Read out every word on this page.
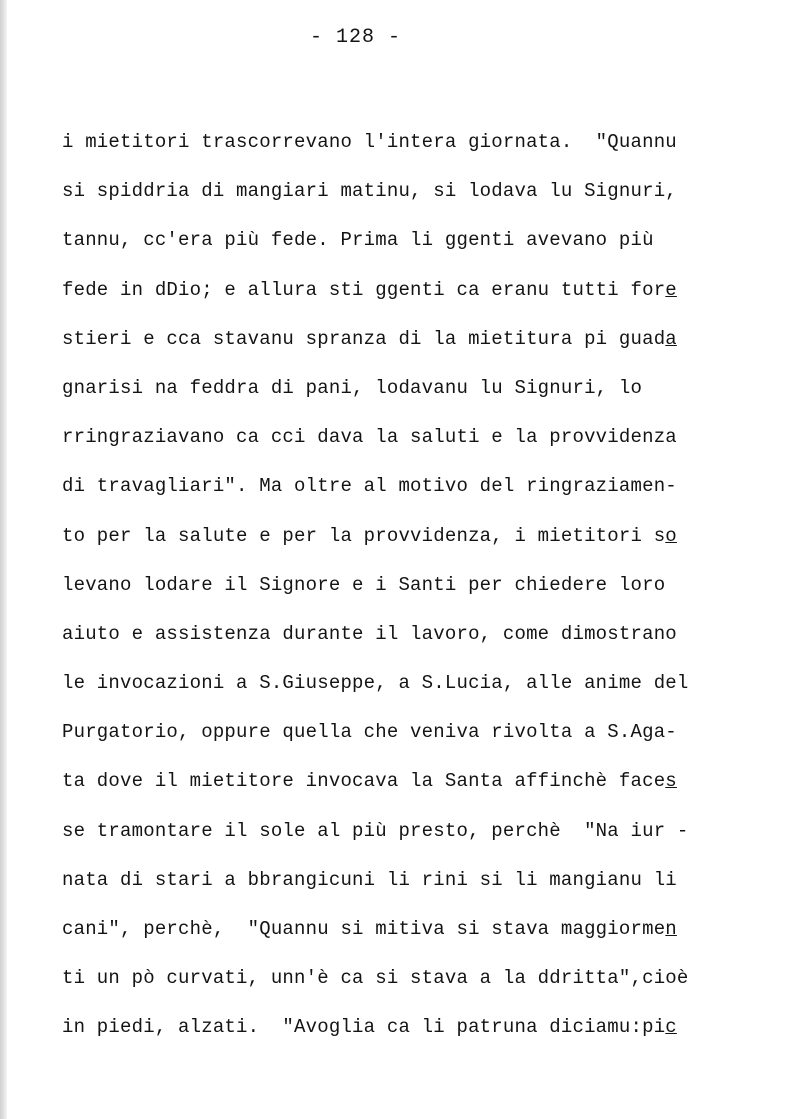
- 128 -
i mietitori trascorrevano l'intera giornata.  "Quannu
si spiddria di mangiari matinu, si lodava lu Signuri,
tannu, cc'era più fede. Prima li ggenti avevano più
fede in dDio; e allura sti ggenti ca eranu tutti fore
stieri e cca stavanu spranza di la mietitura pi guada
gnarisi na feddra di pani, lodavanu lu Signuri, lo
rringraziavano ca cci dava la saluti e la provvidenza
di travagliari". Ma oltre al motivo del ringraziamen-
to per la salute e per la provvidenza, i mietitori so
levano lodare il Signore e i Santi per chiedere loro
aiuto e assistenza durante il lavoro, come dimostrano
le invocazioni a S.Giuseppe, a S.Lucia, alle anime del
Purgatorio, oppure quella che veniva rivolta a S.Aga-
ta dove il mietitore invocava la Santa affinchè faces
se tramontare il sole al più presto, perchè  "Na iur -
nata di stari a bbrangicuni li rini si li mangianu li
cani", perchè,  "Quannu si mitiva si stava maggiormen
ti un pò curvati, unn'è ca si stava a la ddritta",cioè
in piedi, alzati.  "Avoglia ca li patruna diciamu:pic
